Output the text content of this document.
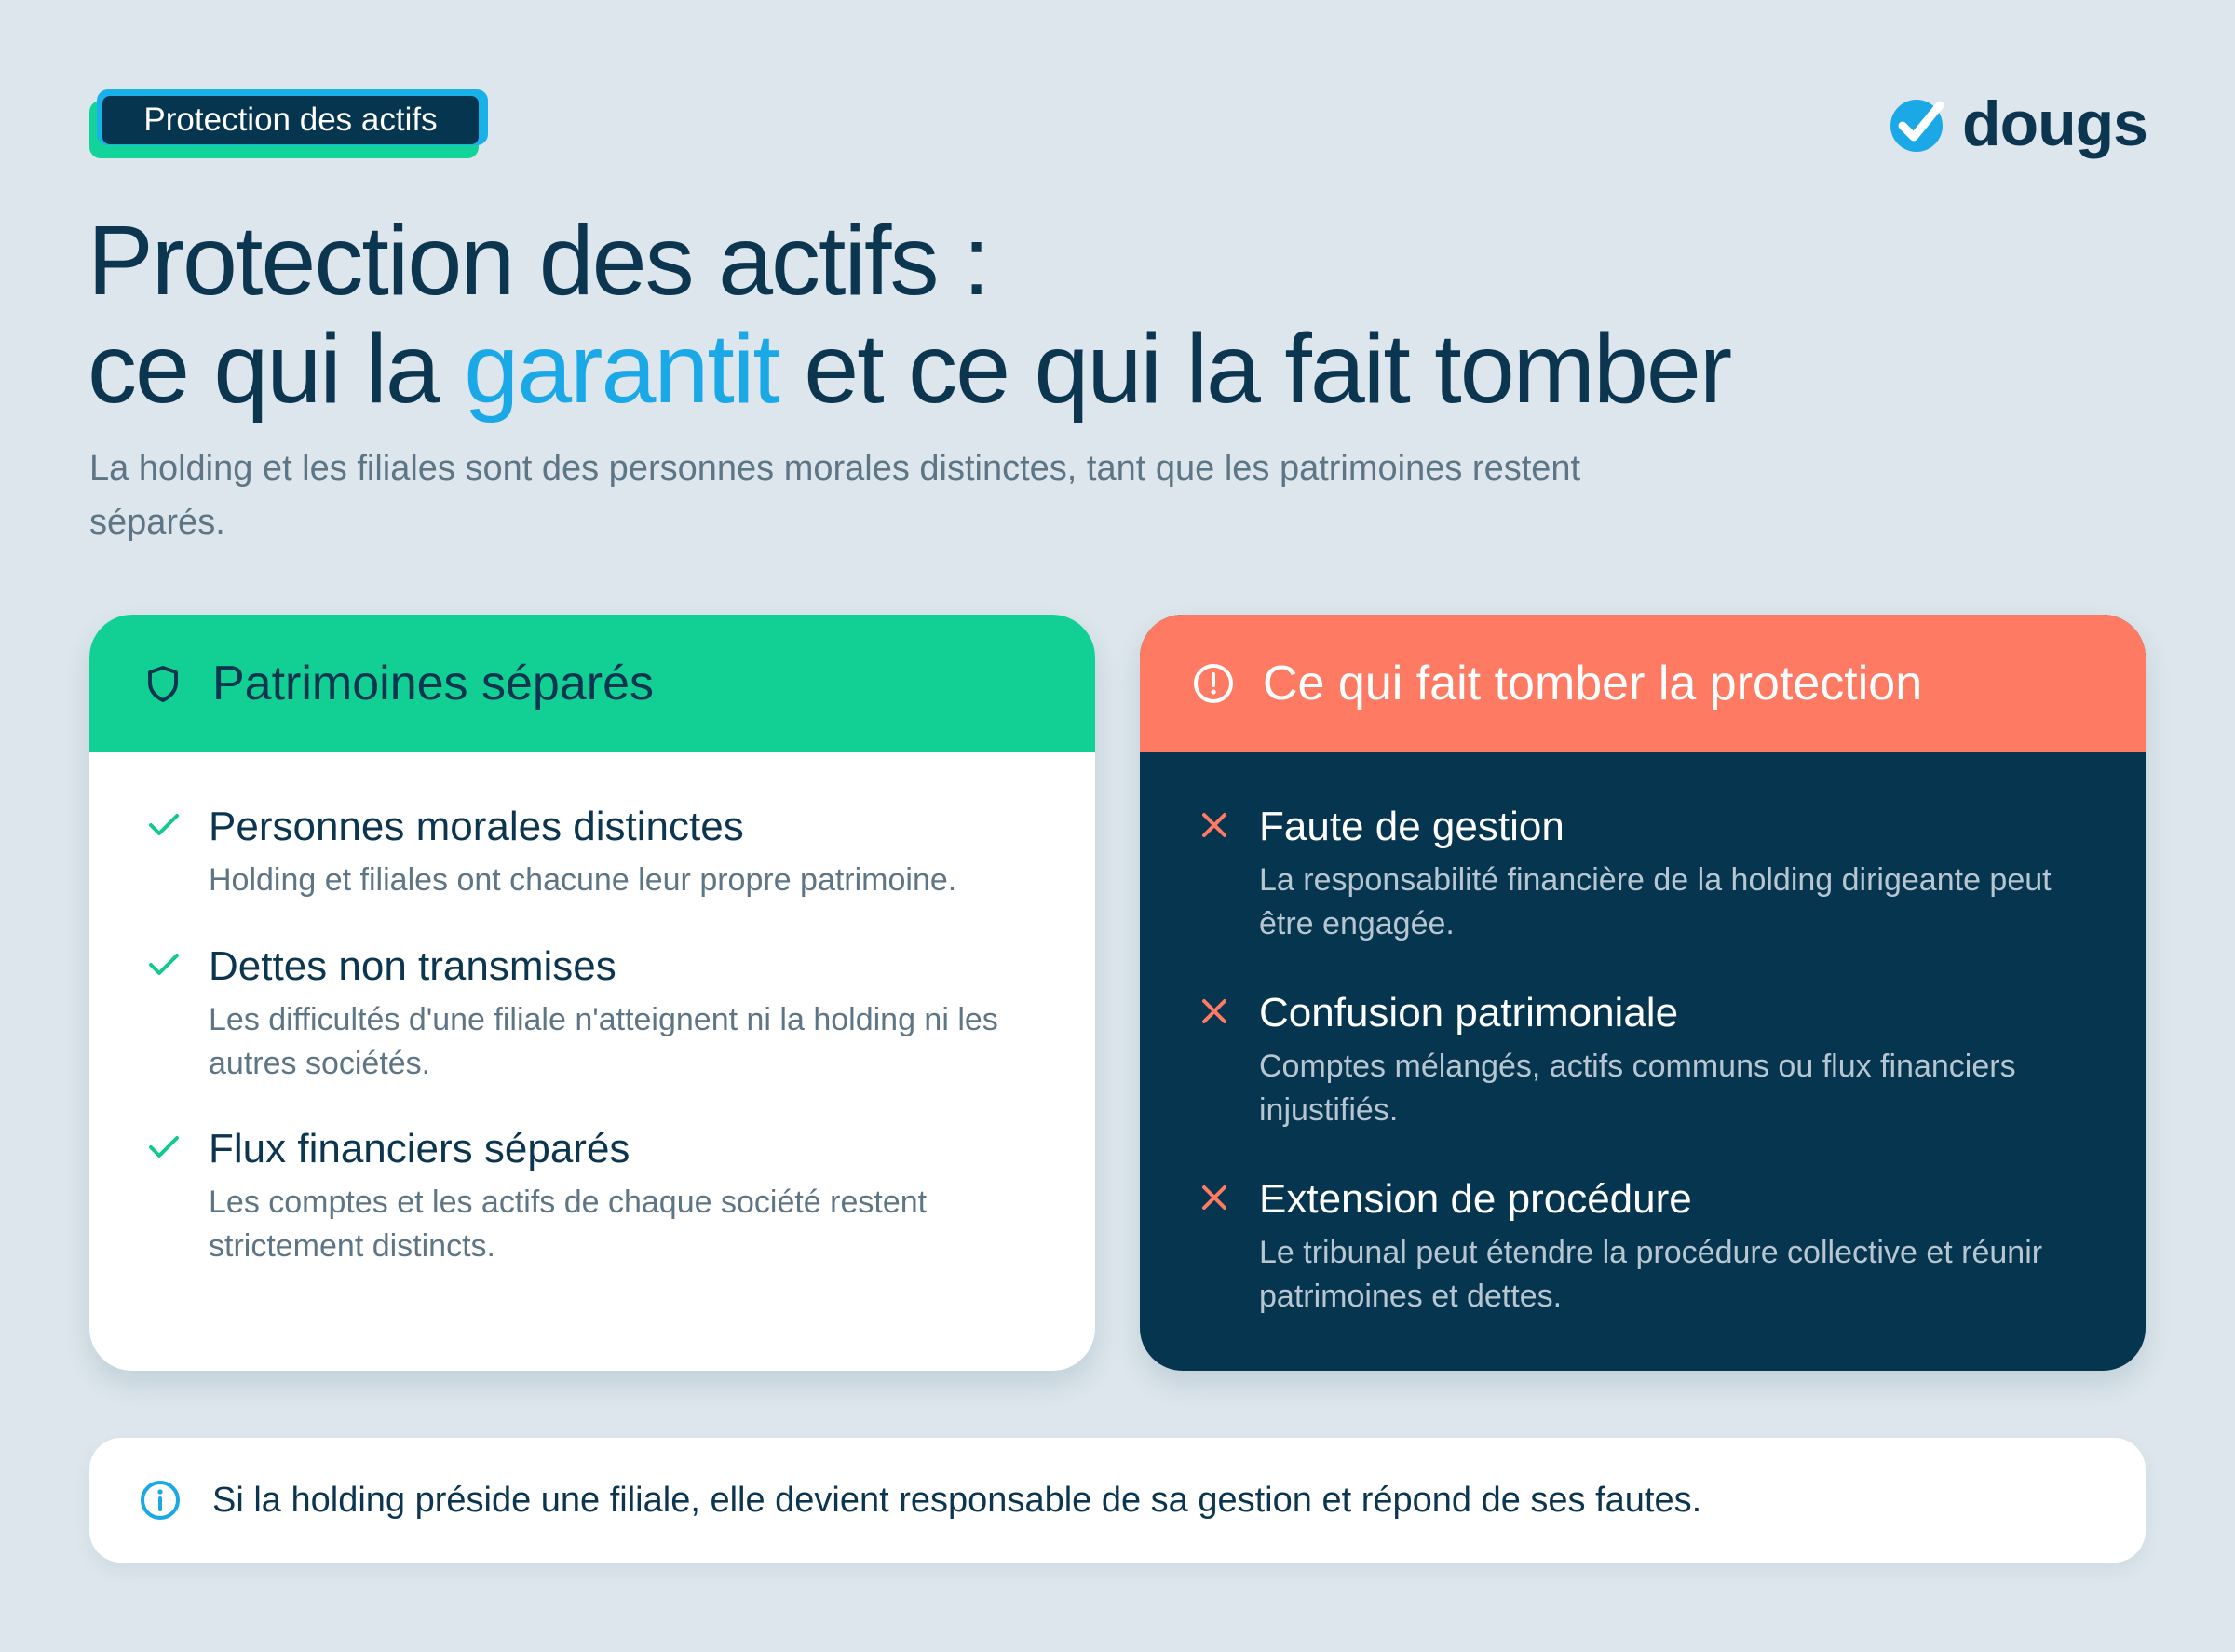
Protection des actifs	dougs
Protection des actifs :
ce qui la garantit et ce qui la fait tomber
La holding et les filiales sont des personnes morales distinctes, tant que les patrimoines restent séparés.
Patrimoines séparés
Personnes morales distinctes
Holding et filiales ont chacune leur propre patrimoine.
Dettes non transmises
Les difficultés d'une filiale n'atteignent ni la holding ni les autres sociétés.
Flux financiers séparés
Les comptes et les actifs de chaque société restent strictement distincts.
Ce qui fait tomber la protection
Faute de gestion
La responsabilité financière de la holding dirigeante peut être engagée.
Confusion patrimoniale
Comptes mélangés, actifs communs ou flux financiers injustifiés.
Extension de procédure
Le tribunal peut étendre la procédure collective et réunir patrimoines et dettes.
Si la holding préside une filiale, elle devient responsable de sa gestion et répond de ses fautes.
